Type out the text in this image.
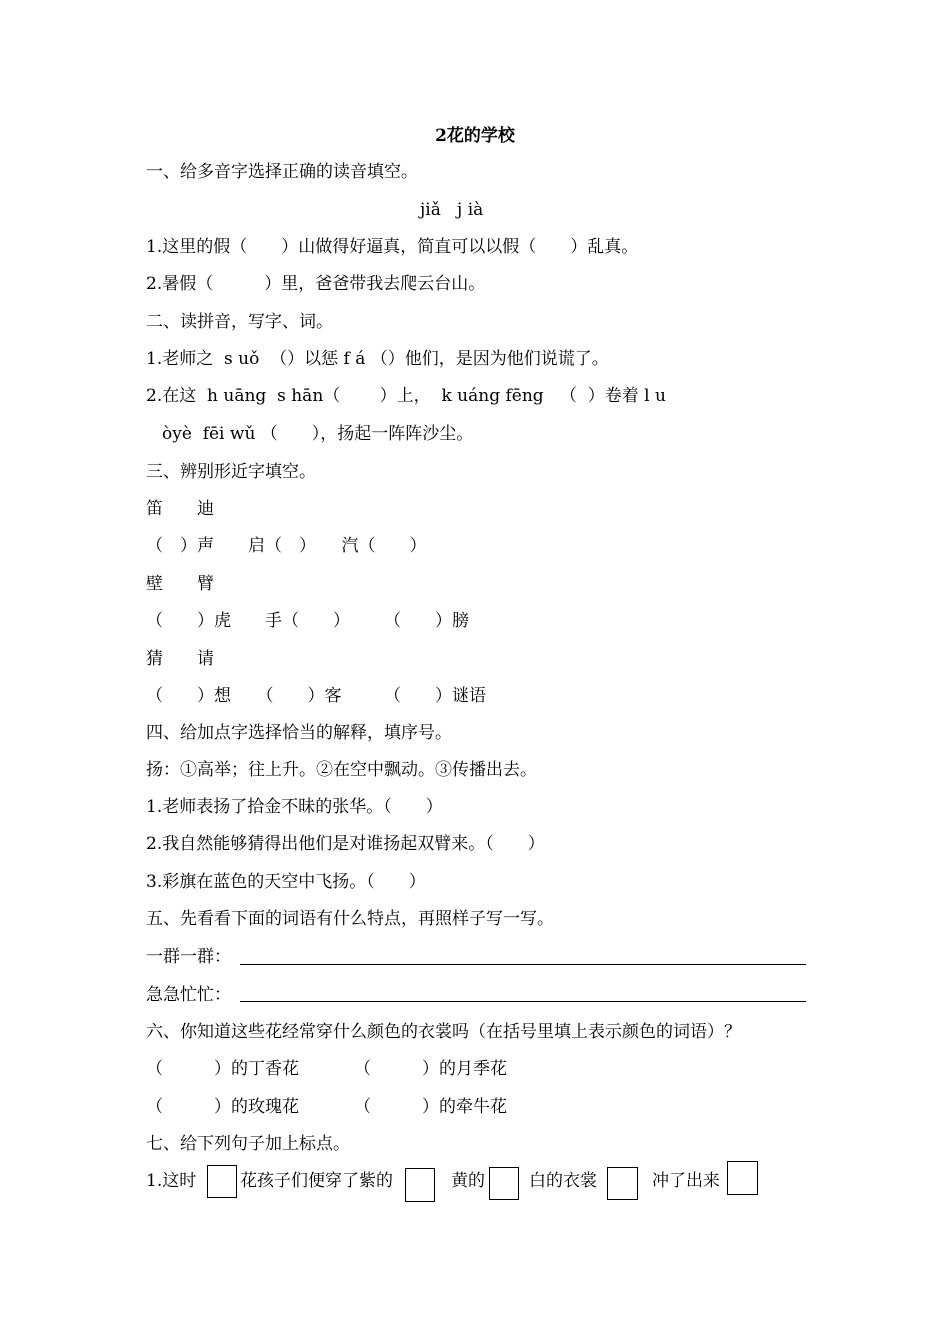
2花的学校
一、给多音字选择正确的读音填空。
jiǎ   j ià
1.这里的假（　　）山做得好逼真，简直可以以假（　　）乱真。
2.暑假（　　　）里，爸爸带我去爬云台山。
二、读拼音，写字、词。
1.老师之  s uǒ  （）以惩 f á （）他们，是因为他们说谎了。
2.在这  h uāng  s hān（　　 ）上，  k uáng fēng   （  ）卷着 l u
òyè  fēi wǔ （　　），扬起一阵阵沙尘。
三、辨别形近字填空。
笛　　迪
（　）声　　启（　）　　汽（　　）
壁　　臂
（　　）虎　　手（　　）　　　（　　）膀
猜　　请
（　　）想　　（　　）客　　　（　　）谜语
四、给加点字选择恰当的解释，填序号。
扬：①高举；往上升。②在空中飘动。③传播出去。
1.老师表扬了拾金不昧的张华。（　　）
2.我自然能够猜得出他们是对谁扬起双臂来。（　　）
3.彩旗在蓝色的天空中飞扬。（　　）
五、先看看下面的词语有什么特点，再照样子写一写。
一群一群：
急急忙忙：
六、你知道这些花经常穿什么颜色的衣裳吗（在括号里填上表示颜色的词语）？
（　　　）的丁香花	（　　　）的月季花
（　　　）的玫瑰花	（　　　）的牵牛花
七、给下列句子加上标点。
1.这时	花孩子们便穿了紫的	黄的	白的衣裳	冲了出来
